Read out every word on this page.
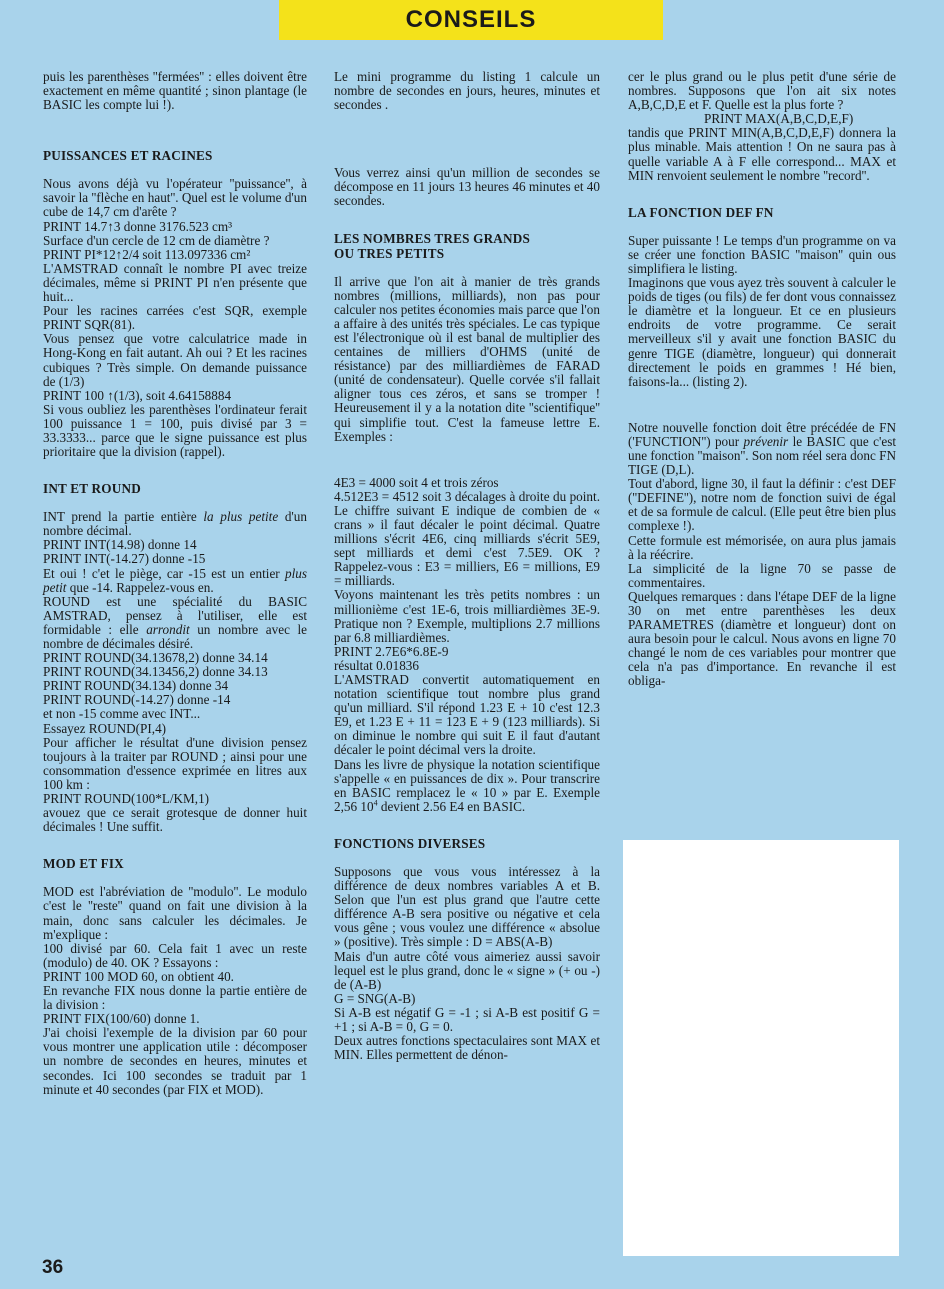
CONSEILS

puis les parenthèses ''fermées'' : elles doivent être exactement en même quantité ; sinon plantage (le BASIC les compte lui !).

PUISSANCES ET RACINES

Nous avons déjà vu l'opérateur ''puissance'', à savoir la ''flèche en haut''. Quel est le volume d'un cube de 14,7 cm d'arête ?

PRINT 14.7↑3 donne 3176.523 cm³

Surface d'un cercle de 12 cm de diamètre ?

PRINT PI*12↑2/4 soit 113.097336 cm²

L'AMSTRAD connaît le nombre PI avec treize décimales, même si PRINT PI n'en présente que huit...

Pour les racines carrées c'est SQR, exemple PRINT SQR(81).

Vous pensez que votre calculatrice made in Hong-Kong en fait autant. Ah oui ? Et les racines cubiques ? Très simple. On demande puissance de (1/3)

PRINT 100 ↑(1/3), soit 4.64158884

Si vous oubliez les parenthèses l'ordinateur ferait 100 puissance 1 = 100, puis divisé par 3 = 33.3333... parce que le signe puissance est plus prioritaire que la division (rappel).

INT ET ROUND

INT prend la partie entière la plus petite d'un nombre décimal.

PRINT INT(14.98) donne 14

PRINT INT(-14.27) donne -15

Et oui ! c'et le piège, car -15 est un entier plus petit que -14. Rappelez-vous en.

ROUND est une spécialité du BASIC AMSTRAD, pensez à l'utiliser, elle est formidable : elle arrondit un nombre avec le nombre de décimales désiré.

PRINT ROUND(34.13678,2) donne 34.14

PRINT ROUND(34.13456,2) donne 34.13

PRINT ROUND(34.134) donne 34

PRINT ROUND(-14.27) donne -14

et non -15 comme avec INT...

Essayez ROUND(PI,4)

Pour afficher le résultat d'une division pensez toujours à la traiter par ROUND ; ainsi pour une consommation d'essence exprimée en litres aux 100 km :

PRINT ROUND(100*L/KM,1)

avouez que ce serait grotesque de donner huit décimales ! Une suffit.

MOD ET FIX

MOD est l'abréviation de ''modulo''. Le modulo c'est le ''reste'' quand on fait une division à la main, donc sans calculer les décimales. Je m'explique :

100 divisé par 60. Cela fait 1 avec un reste (modulo) de 40. OK ? Essayons :

PRINT 100 MOD 60, on obtient 40.

En revanche FIX nous donne la partie entière de la division :

PRINT FIX(100/60) donne 1.

J'ai choisi l'exemple de la division par 60 pour vous montrer une application utile : décomposer un nombre de secondes en heures, minutes et secondes. Ici 100 secondes se traduit par 1 minute et 40 secondes (par FIX et MOD).

Le mini programme du listing 1 calcule un nombre de secondes en jours, heures, minutes et secondes .

Vous verrez ainsi qu'un million de secondes se décompose en 11 jours 13 heures 46 minutes et 40 secondes.

LES NOMBRES TRES GRANDS
OU TRES PETITS

Il arrive que l'on ait à manier de très grands nombres (millions, milliards), non pas pour calculer nos petites économies mais parce que l'on a affaire à des unités très spéciales. Le cas typique est l'électronique où il est banal de multiplier des centaines de milliers d'OHMS (unité de résistance) par des milliardièmes de FARAD (unité de condensateur). Quelle corvée s'il fallait aligner tous ces zéros, et sans se tromper ! Heureusement il y a la notation dite ''scientifique'' qui simplifie tout. C'est la fameuse lettre E. Exemples :

4E3 = 4000 soit 4 et trois zéros

4.512E3 = 4512 soit 3 décalages à droite du point. Le chiffre suivant E indique de combien de « crans » il faut décaler le point décimal. Quatre millions s'écrit 4E6, cinq milliards s'écrit 5E9, sept milliards et demi c'est 7.5E9. OK ? Rappelez-vous : E3 = milliers, E6 = millions, E9 = milliards.

Voyons maintenant les très petits nombres : un millionième c'est 1E-6, trois milliardièmes 3E-9. Pratique non ? Exemple, multiplions 2.7 millions par 6.8 milliardièmes.

PRINT 2.7E6*6.8E-9

résultat 0.01836

L'AMSTRAD convertit automatiquement en notation scientifique tout nombre plus grand qu'un milliard. S'il répond 1.23 E + 10 c'est 12.3 E9, et 1.23 E + 11 = 123 E + 9 (123 milliards). Si on diminue le nombre qui suit E il faut d'autant décaler le point décimal vers la droite.

Dans les livre de physique la notation scientifique s'appelle « en puissances de dix ». Pour transcrire en BASIC remplacez le « 10 » par E. Exemple 2,56 $10^4$ devient 2.56 E4 en BASIC.

FONCTIONS DIVERSES

Supposons que vous vous intéressez à la différence de deux nombres variables A et B. Selon que l'un est plus grand que l'autre cette différence A-B sera positive ou négative et cela vous gêne ; vous voulez une différence « absolue » (positive). Très simple : D = ABS(A-B)

Mais d'un autre côté vous aimeriez aussi savoir lequel est le plus grand, donc le « signe » (+ ou -) de (A-B)

G = SNG(A-B)

Si A-B est négatif G = -1 ; si A-B est positif G = +1 ; si A-B = 0, G = 0.

Deux autres fonctions spectaculaires sont MAX et MIN. Elles permettent de dénon-

cer le plus grand ou le plus petit d'une série de nombres. Supposons que l'on ait six notes A,B,C,D,E et F. Quelle est la plus forte ?

PRINT MAX(A,B,C,D,E,F)

tandis que PRINT MIN(A,B,C,D,E,F) donnera la plus minable. Mais attention ! On ne saura pas à quelle variable A à F elle correspond... MAX et MIN renvoient seulement le nombre ''record''.

LA FONCTION DEF FN

Super puissante ! Le temps d'un programme on va se créer une fonction BASIC ''maison'' quin ous simplifiera le listing.

Imaginons que vous ayez très souvent à calculer le poids de tiges (ou fils) de fer dont vous connaissez le diamètre et la longueur. Et ce en plusieurs endroits de votre programme. Ce serait merveilleux s'il y avait une fonction BASIC du genre TIGE (diamètre, longueur) qui donnerait directement le poids en grammes ! Hé bien, faisons-la... (listing 2).

Notre nouvelle fonction doit être précédée de FN ('FUNCTION'') pour prévenir le BASIC que c'est une fonction ''maison''. Son nom réel sera donc FN TIGE (D,L).

Tout d'abord, ligne 30, il faut la définir : c'est DEF (''DEFINE''), notre nom de fonction suivi de égal et de sa formule de calcul. (Elle peut être bien plus complexe !).

Cette formule est mémorisée, on aura plus jamais à la réécrire.

La simplicité de la ligne 70 se passe de commentaires.

Quelques remarques : dans l'étape DEF de la ligne 30 on met entre parenthèses les deux PARAMETRES (diamètre et longueur) dont on aura besoin pour le calcul. Nous avons en ligne 70 changé le nom de ces variables pour montrer que cela n'a pas d'importance. En revanche il est obliga-

36
